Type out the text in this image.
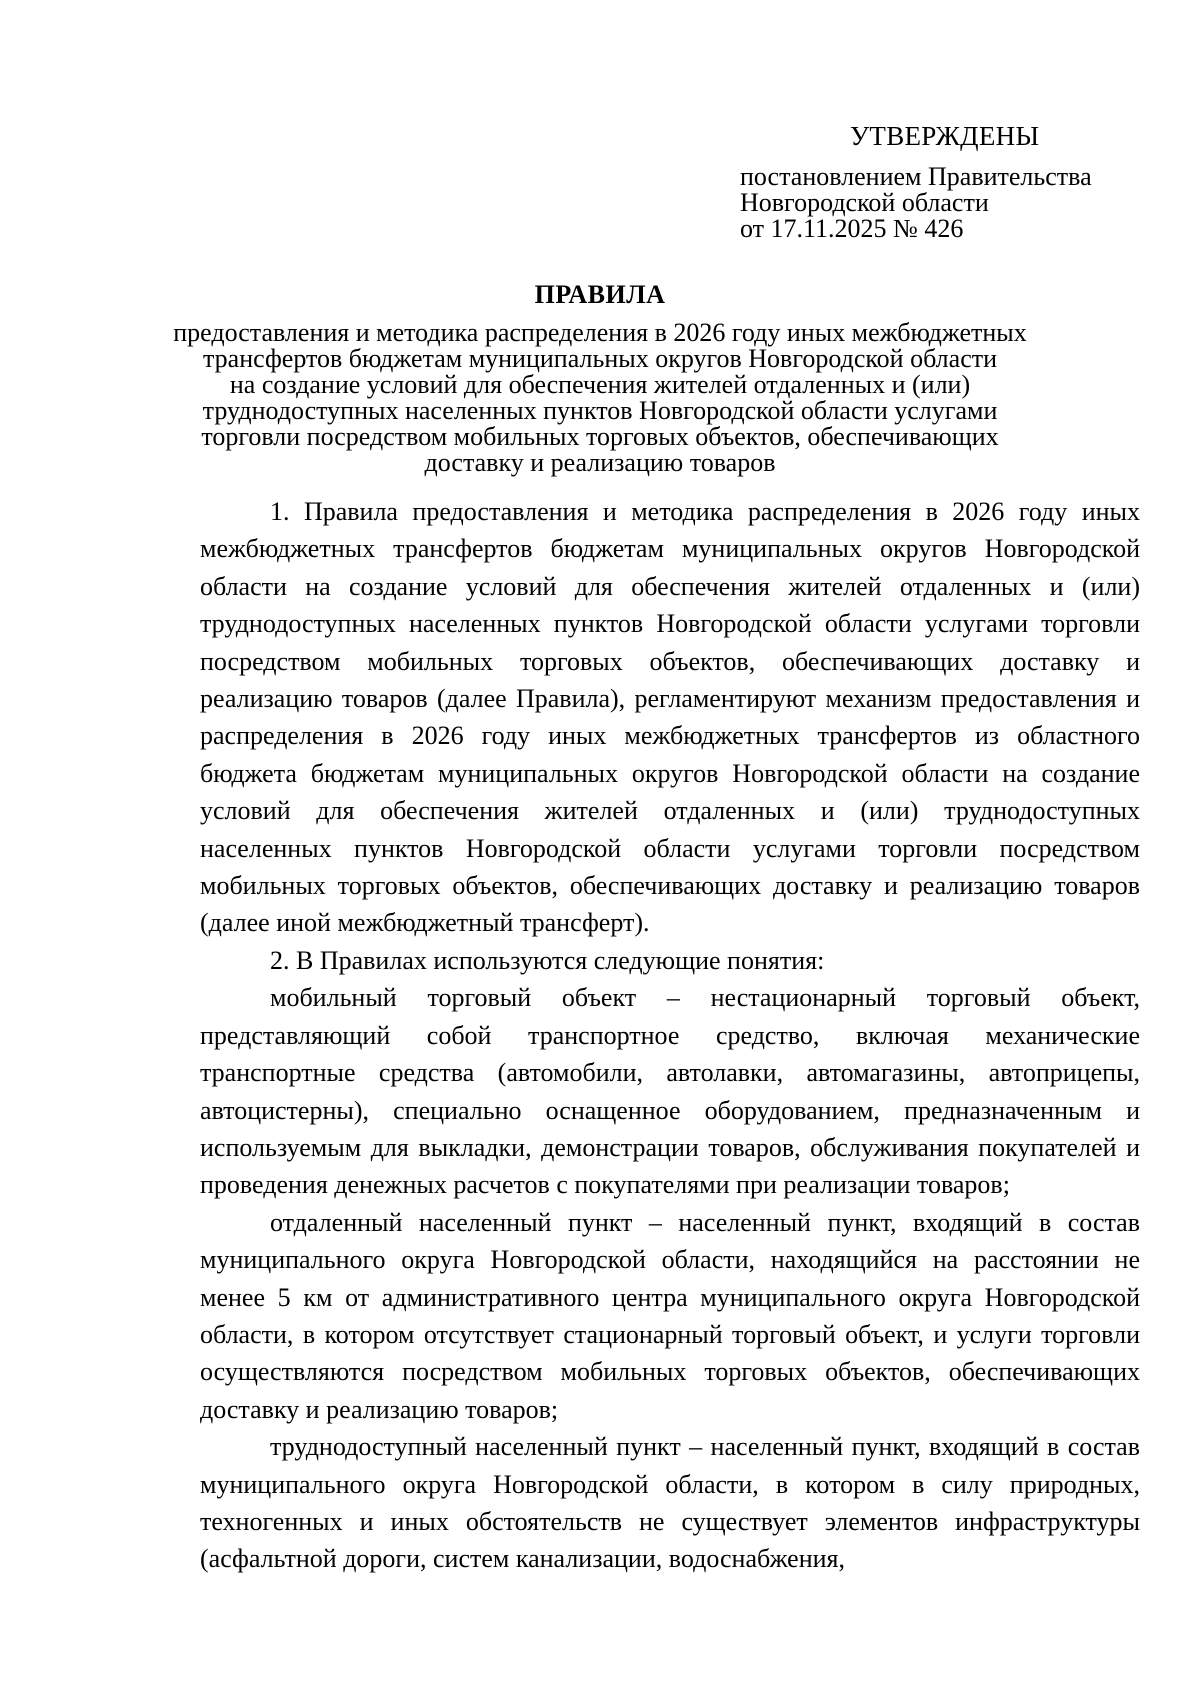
УТВЕРЖДЕНЫ
постановлением Правительства
Новгородской области
от 17.11.2025 № 426
ПРАВИЛА
предоставления и методика распределения в 2026 году иных межбюджетных
трансфертов бюджетам муниципальных округов Новгородской области
на создание условий для обеспечения жителей отдаленных и (или)
труднодоступных населенных пунктов Новгородской области услугами
торговли посредством мобильных торговых объектов, обеспечивающих
доставку и реализацию товаров

1. Правила предоставления и методика распределения в 2026 году иных межбюджетных трансфертов бюджетам муниципальных округов Новгородской области на создание условий для обеспечения жителей отдаленных и (или) труднодоступных населенных пунктов Новгородской области услугами торговли посредством мобильных торговых объектов, обеспечивающих доставку и реализацию товаров (далее Правила), регламентируют механизм предоставления и распределения в 2026 году иных межбюджетных трансфертов из областного бюджета бюджетам муниципальных округов Новгородской области на создание условий для обеспечения жителей отдаленных и (или) труднодоступных населенных пунктов Новгородской области услугами торговли посредством мобильных торговых объектов, обеспечивающих доставку и реализацию товаров (далее иной межбюджетный трансферт).

2. В Правилах используются следующие понятия:

мобильный торговый объект – нестационарный торговый объект, представляющий собой транспортное средство, включая механические транспортные средства (автомобили, автолавки, автомагазины, автоприцепы, автоцистерны), специально оснащенное оборудованием, предназначенным и используемым для выкладки, демонстрации товаров, обслуживания покупателей и проведения денежных расчетов с покупателями при реализации товаров;

отдаленный населенный пункт – населенный пункт, входящий в состав муниципального округа Новгородской области, находящийся на расстоянии не менее 5 км от административного центра муниципального округа Новгородской области, в котором отсутствует стационарный торговый объект, и услуги торговли осуществляются посредством мобильных торговых объектов, обеспечивающих доставку и реализацию товаров;

труднодоступный населенный пункт – населенный пункт, входящий в состав муниципального округа Новгородской области, в котором в силу природных, техногенных и иных обстоятельств не существует элементов инфраструктуры (асфальтной дороги, систем канализации, водоснабжения,
